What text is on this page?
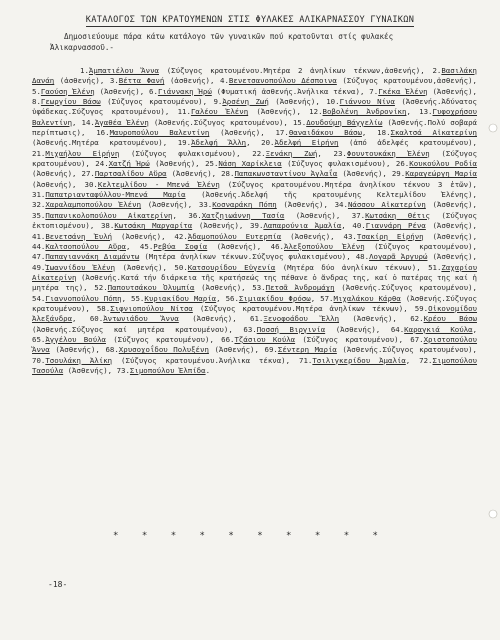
ΚΑΤΑΛΟΓΟΣ ΤΩΝ ΚΡΑΤΟΥΜΕΝΩΝ ΣΤΙΣ ΦΥΛΑΚΕΣ ΑΛΙΚΑΡΝΑΣΣΟΥ ΓΥΝΑΙΚΩΝ
Δημοσιεύουμε πάρα κάτω κατάλογο τῶν γυναικῶν πού κρατοῦνται στίς φυλακές Ἁλικαρνασσοῦ.-
1.Ἀμπατιέλου Ἄννα (Σύζυγος κρατουμένου.Μητέρα 2 ἀνηλίκων τέκνων,ἀσθενής), 2.Βασιλάκη Δανάη (ἀσθενής), 3.Βέττα Φανή (ἀσθενής), 4.Βενετσανοπούλου Δέσποινα (Σύζυγος κρατουμένου,ἀσθενής), 5.Γαούση Ἑλένη (Ἀσθενής), 6.Γιάννακη Ἡρώ (Φυματική ἀσθενής.Ἀνήλικα τέκνα), 7.Γκέκα Ἑλένη (Ἀσθενής), 8.Γεωργίου Βάσω (Σύζυγος κρατουμένου), 9.Ἀρσένη Ζωή (Ἀσθενής), 10.Γιάννου Νίνα (Ἀσθενής.Ἀδύνατος ὑφάδεκας.Σύζυγος κρατουμένου), 11.Γαλέου Ἑλένη (Ἀσθενής), 12.Βοβολένη Ἀνδρονίκη, 13.Γυφοχρήσου Βαλεντίνη, 14.Ἀγαθέα Ἑλένη (Ἀσθενής.Σύζυγος κρατουμένου), 15.Δουδούμη Βάγγελίω (Ἀσθενής.Πολύ σοβαρά περίπτωσις), 16.Μαυροπούλου Βαλεντίνη (Ἀσθενής), 17.Θαναιδάκου Βάσω, 18.Σκαλτσά Αἰκατερίνη (Ἀσθενής.Μητέρα κρατουμένου), 19.Ἀδελφή Ἄλλη, 20.Ἀδελφή Εἰρήνη (ἀπό ἀδελφές κρατουμένου), 21.Μιχαήλου Εἰρήνη (Σύζυγος φυλακισμένου), 22.Ξενάκη Ζωή, 23.Φουντουκάκη Ἑλένη (Σύζυγος κρατουμένου), 24.Χατζή Ἡρώ (Ἀσθενής), 25.Νάση Χαρίκλεια (Σύζυγος φυλακισμένου), 26.Κουκούλου Ροδία (Ἀσθενής), 27.Παρτσαλίδου Αὔρα (Ἀσθενής), 28.Παπακωνσταντίνου Ἀγλαΐα (Ἀσθενής), 29.Καραγεώργη Μαρία (Ἀσθενής), 30.Κελτεμλίδου - Μπενά Ἑλένη (Σύζυγος κρατουμένου.Μητέρα ἀνηλίκου τέκνου 3 ἐτῶν), 31.Παπατριανταφύλλου-Μπενά Μαρία (Ἀσθενής.Ἀδελφή τῆς κρατουμένης Κελτεμλίδου Ἑλένης), 32.Χαραλαμποπούλου Ἑλένη (Ἀσθενής), 33.Κοσναράκη Πόπη (Ἀσθενής), 34.Νάσσου Αἰκατερίνη (Ἀσθενής), 35.Παπανικολοπούλου Αἰκατερίνη, 36.Χατζηιωάννη Τασία (Ἀσθενής), 37.Κωτσάκη Θέτις (Σύζυγος ἐκτοπισμένου), 38.Κωτσάκη Μαργαρίτα (Ἀσθενής), 39.Λαπαρούνια Ἀμαλία, 40.Γιαννάρη Ρένα (Ἀσθενής), 41.Βενετσάνη Ἐυλή (Ἀσθενής), 42.Ἀδαμοπούλου Ευτερπία (Ἀσθενής), 43.Τσακίρη Εἰρήνη (Ἀσθενής), 44.Καλτσοπούλου Αὔρα, 45.Ρεβύα Σοφία (Ἀσθενής), 46.Ἀλεξοπούλου Ἑλένη (Σύζυγος κρατουμένου), 47.Παπαγιαννάκη Διαμάντω (Μητέρα ἀνηλίκων τέκνων.Σύζυγος φυλακισμένου), 48.Λογαρᾶ Ἀργυρώ (Ἀσθενής), 49.Ἰωαννίδου Ἑλένη (Ἀσθενής), 50.Κατσουρίδου Εὐγενία (Μητέρα δύο ἀνηλίκων τέκνων), 51.Ζαχαρίου Αἰκατερίνη (Ἀσθενής.Κατά τήν διάρκεια τῆς κρατήσεώς της πέθανε ὁ ἄνδρας της, καί ὁ πατέρας της καί ἡ μητέρα της), 52.Παπουτσάκου Ὀλυμπία (Ἀσθενής), 53.Πετσᾶ Ἀνδρομάχη (Ἀσθενής.Σύζυγος κρατουμένου), 54.Γιαννοπούλου Πόπη, 55.Κυριακίδου Μαρία, 56.Σιμιακίδου Φρόσω, 57.Μιχαλάκου Κάρθα (Ἀσθενής.Σύζυγος κρατουμένου), 58.Σιφνιοπούλου Νίτσα (Σύζυγος κρατουμένου.Μητέρα ἀνηλίκων τέκνων), 59.Οἰκονομίδου Ἀλεξάνδρα, 60.Ἀντωνιάδου Ἄννα (Ἀσθενής), 61.Ξενοφοάδου Ἔλλη (Ἀσθενής), 62.Κρέου Βάσω (Ἀσθενής.Σύζυγος καί μητέρα κρατουμένου), 63.Ποσσή Βιργινία (Ἀσθενής), 64.Καραγκιά Κούλα, 65.Ἀγγέλου Βούλα (Σύζυγος κρατουμένου), 66.Τζάσιου Κούλα (Σύζυγος κρατουμένου), 67.Χριστοπούλου Ἄννα (Ἀσθενής), 68.Χρυσοχοΐδου Πολυξένη (Ἀσθενής), 69.Σέντερη Μαρία (Ἀσθενής.Σύζυγος κρατουμένου), 70.Τσουλάκη Ἀλίκη (Σύζυγος κρατουμένου.Ἀνήλικα τέκνα), 71.Τσιλιγκερίδου Ἀμαλία, 72.Σιμοπούλου Τασούλα (Ἀσθενής), 73.Σιμοπούλου Ἐλπίδα.
* * * * * * * * * *
-18-
